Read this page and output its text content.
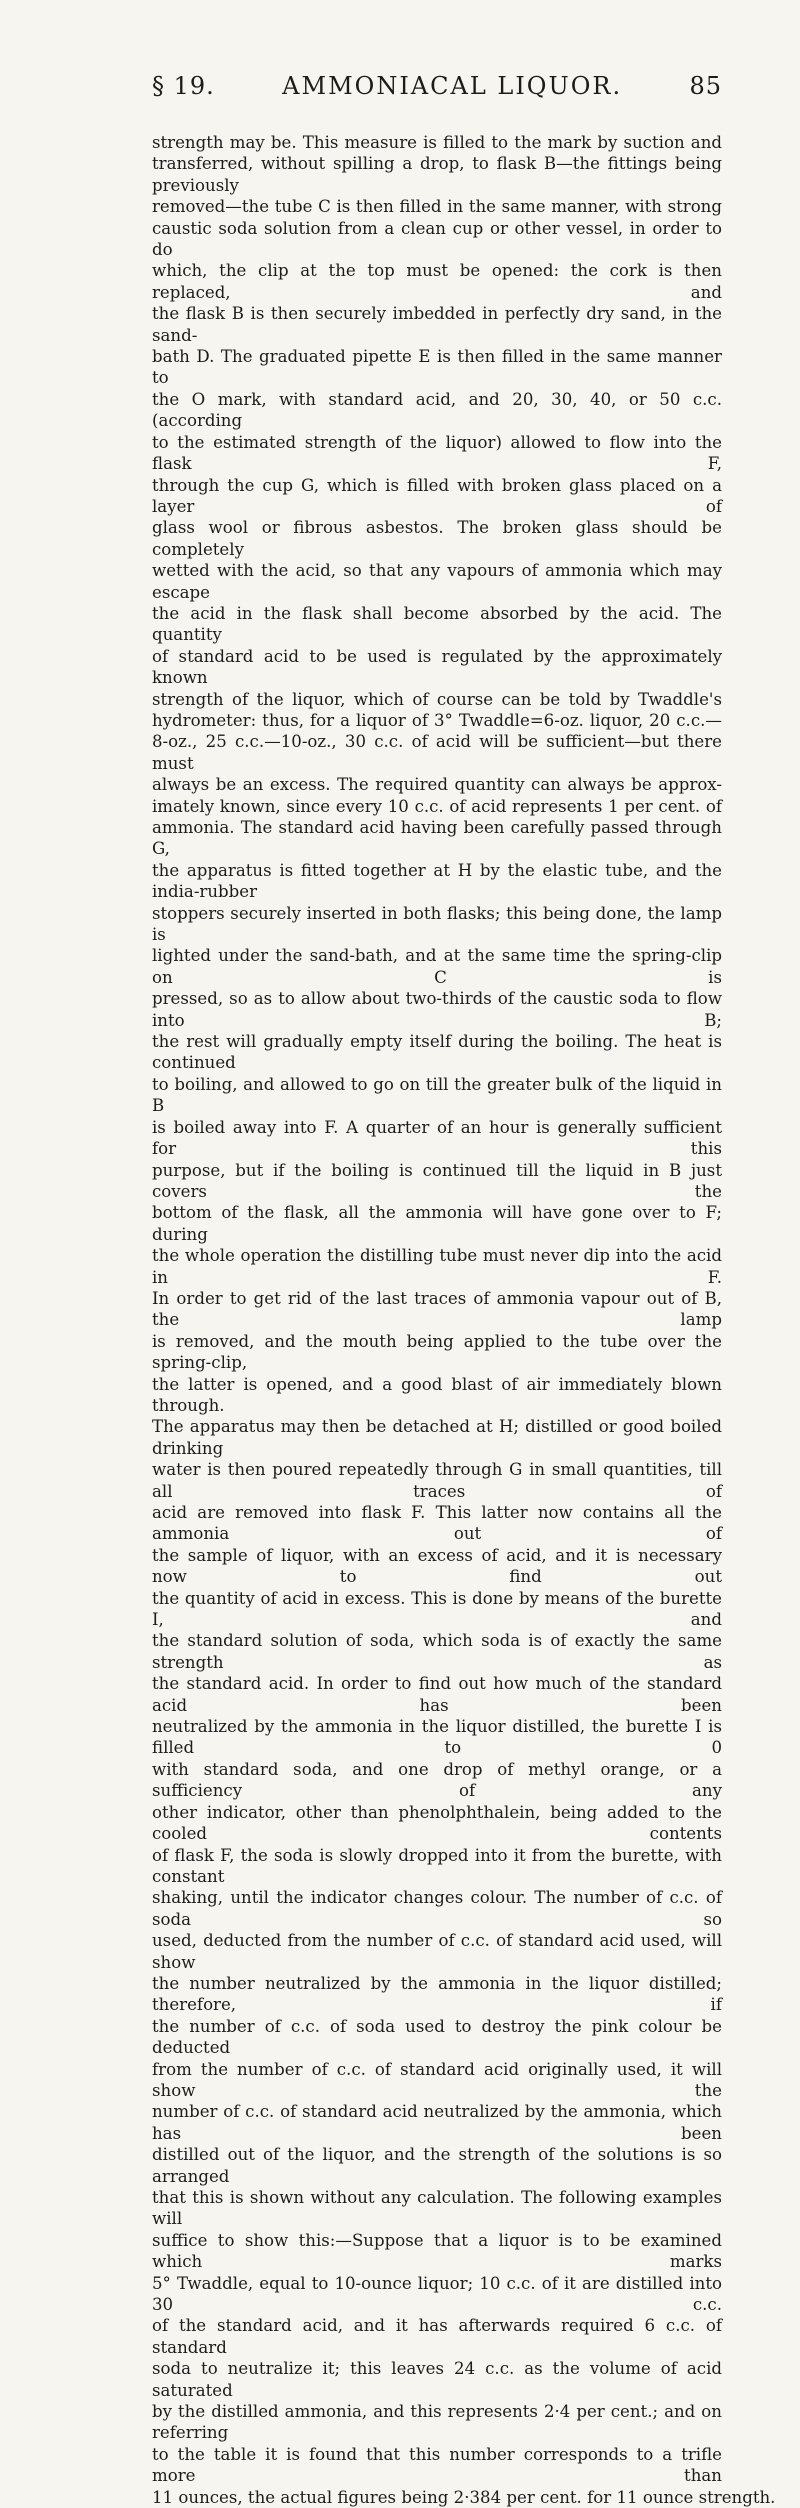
§ 19.	AMMONIACAL LIQUOR.	85
strength may be. This measure is filled to the mark by suction and
transferred, without spilling a drop, to flask B—the fittings being previously
removed—the tube C is then filled in the same manner, with strong
caustic soda solution from a clean cup or other vessel, in order to do
which, the clip at the top must be opened: the cork is then replaced, and
the flask B is then securely imbedded in perfectly dry sand, in the sand-
bath D. The graduated pipette E is then filled in the same manner to
the O mark, with standard acid, and 20, 30, 40, or 50 c.c. (according
to the estimated strength of the liquor) allowed to flow into the flask F,
through the cup G, which is filled with broken glass placed on a layer of
glass wool or fibrous asbestos. The broken glass should be completely
wetted with the acid, so that any vapours of ammonia which may escape
the acid in the flask shall become absorbed by the acid. The quantity
of standard acid to be used is regulated by the approximately known
strength of the liquor, which of course can be told by Twaddle's
hydrometer: thus, for a liquor of 3° Twaddle=6-oz. liquor, 20 c.c.—
8-oz., 25 c.c.—10-oz., 30 c.c. of acid will be sufficient—but there must
always be an excess. The required quantity can always be approx-
imately known, since every 10 c.c. of acid represents 1 per cent. of
ammonia. The standard acid having been carefully passed through G,
the apparatus is fitted together at H by the elastic tube, and the india-rubber
stoppers securely inserted in both flasks; this being done, the lamp is
lighted under the sand-bath, and at the same time the spring-clip on C is
pressed, so as to allow about two-thirds of the caustic soda to flow into B;
the rest will gradually empty itself during the boiling. The heat is continued
to boiling, and allowed to go on till the greater bulk of the liquid in B
is boiled away into F. A quarter of an hour is generally sufficient for this
purpose, but if the boiling is continued till the liquid in B just covers the
bottom of the flask, all the ammonia will have gone over to F; during
the whole operation the distilling tube must never dip into the acid in F.
In order to get rid of the last traces of ammonia vapour out of B, the lamp
is removed, and the mouth being applied to the tube over the spring-clip,
the latter is opened, and a good blast of air immediately blown through.
The apparatus may then be detached at H; distilled or good boiled drinking
water is then poured repeatedly through G in small quantities, till all traces of
acid are removed into flask F. This latter now contains all the ammonia out of
the sample of liquor, with an excess of acid, and it is necessary now to find out
the quantity of acid in excess. This is done by means of the burette I, and
the standard solution of soda, which soda is of exactly the same strength as
the standard acid. In order to find out how much of the standard acid has been
neutralized by the ammonia in the liquor distilled, the burette I is filled to 0
with standard soda, and one drop of methyl orange, or a sufficiency of any
other indicator, other than phenolphthalein, being added to the cooled contents
of flask F, the soda is slowly dropped into it from the burette, with constant
shaking, until the indicator changes colour. The number of c.c. of soda so
used, deducted from the number of c.c. of standard acid used, will show
the number neutralized by the ammonia in the liquor distilled; therefore, if
the number of c.c. of soda used to destroy the pink colour be deducted
from the number of c.c. of standard acid originally used, it will show the
number of c.c. of standard acid neutralized by the ammonia, which has been
distilled out of the liquor, and the strength of the solutions is so arranged
that this is shown without any calculation. The following examples will
suffice to show this:—Suppose that a liquor is to be examined which marks
5° Twaddle, equal to 10-ounce liquor; 10 c.c. of it are distilled into 30 c.c.
of the standard acid, and it has afterwards required 6 c.c. of standard
soda to neutralize it; this leaves 24 c.c. as the volume of acid saturated
by the distilled ammonia, and this represents 2·4 per cent.; and on referring
to the table it is found that this number corresponds to a trifle more than
11 ounces, the actual figures being 2·384 per cent. for 11 ounce strength.
